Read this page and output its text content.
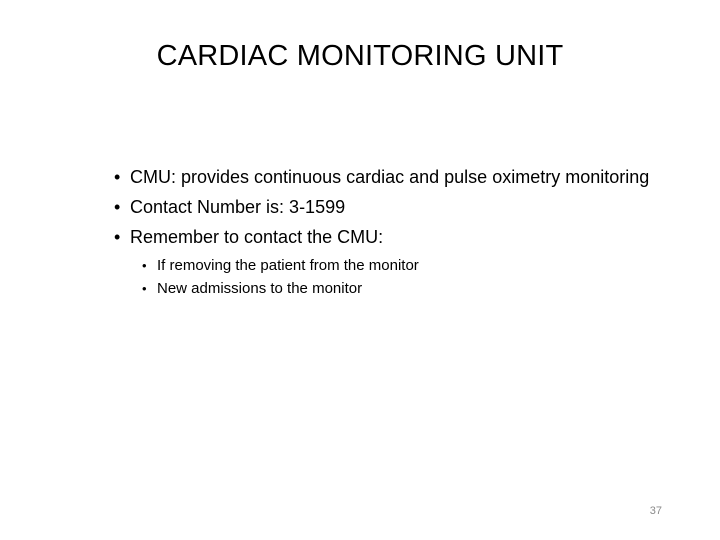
CARDIAC MONITORING UNIT
• CMU: provides continuous cardiac and pulse oximetry monitoring
• Contact Number is: 3-1599
• Remember to contact the CMU:
• If removing the patient from the monitor
• New admissions to the monitor
37
